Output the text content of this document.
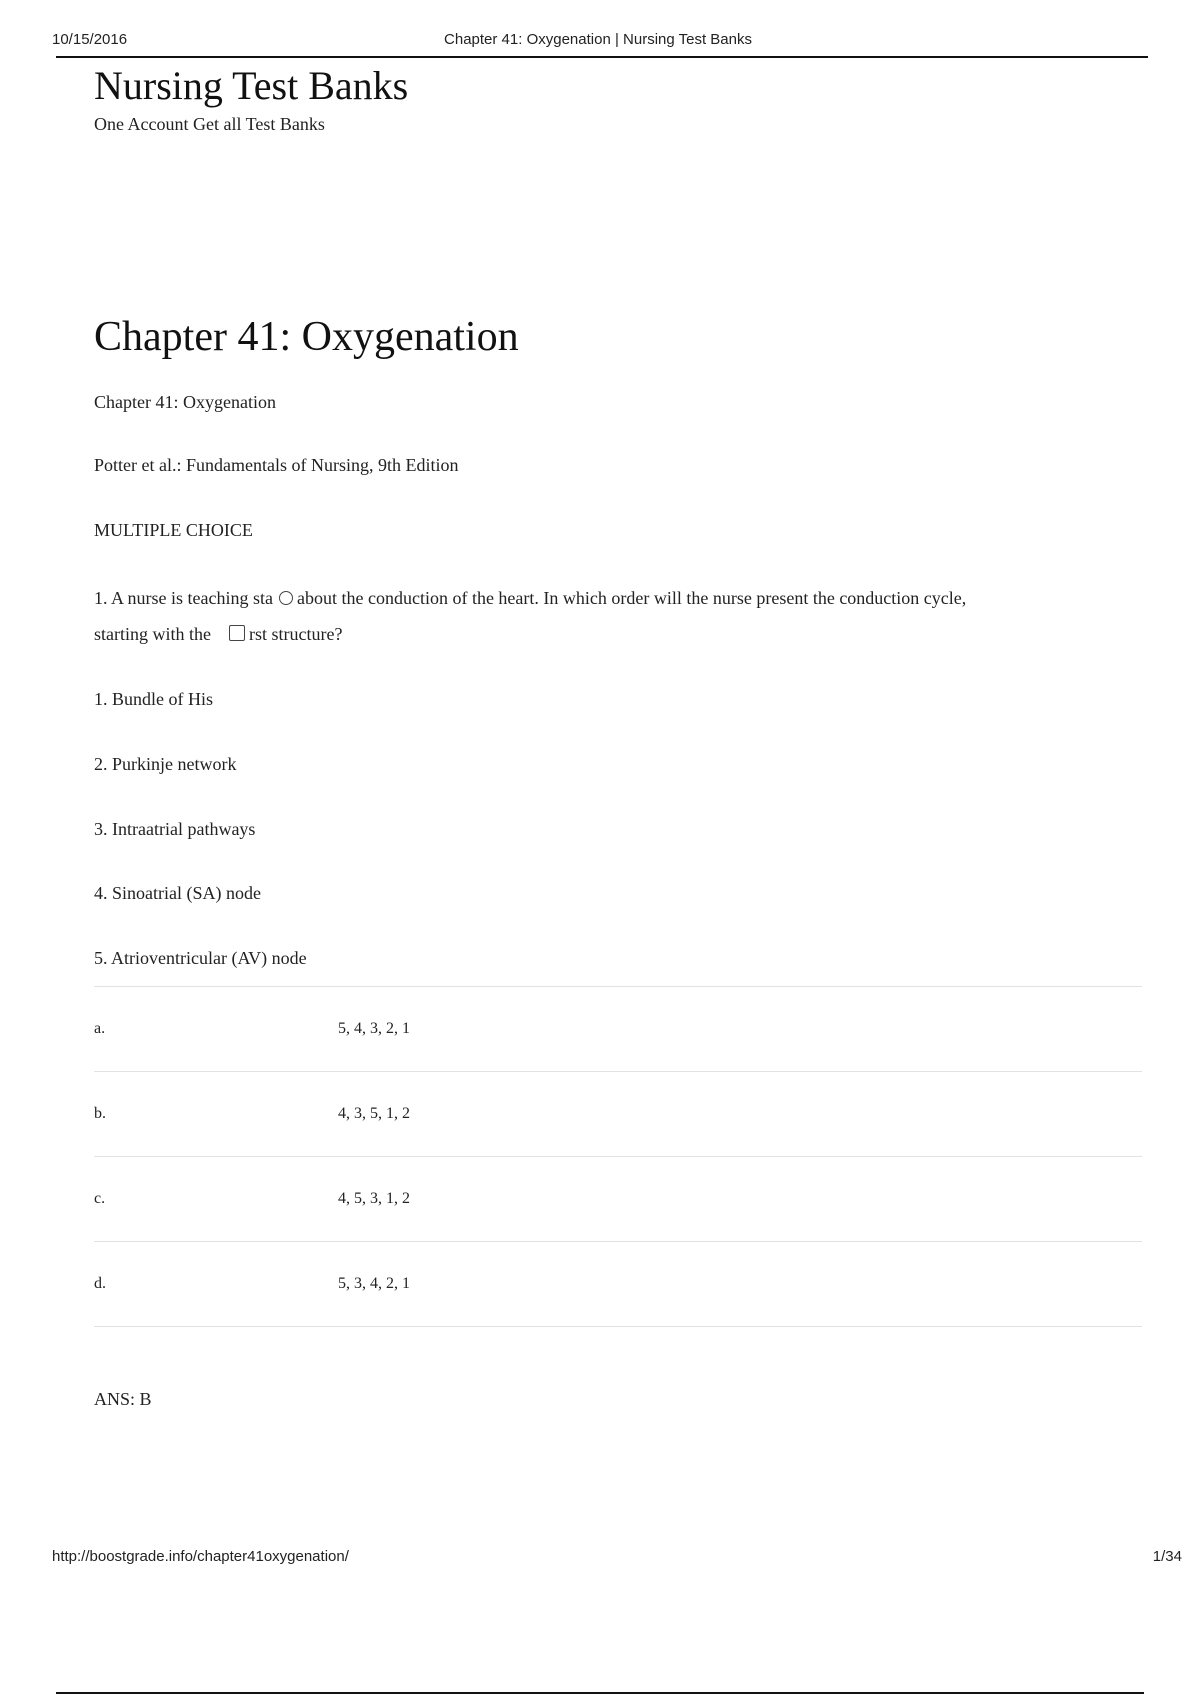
10/15/2016	Chapter 41: Oxygenation | Nursing Test Banks
Nursing Test Banks
One Account Get all Test Banks
Chapter 41: Oxygenation

Chapter 41: Oxygenation

Potter et al.: Fundamentals of Nursing, 9th Edition

MULTIPLE CHOICE

1. A nurse is teaching sta about the conduction of the heart. In which order will the nurse present the conduction cycle,
starting with the rst structure?

1. Bundle of His

2. Purkinje network

3. Intraatrial pathways

4. Sinoatrial (SA) node

5. Atrioventricular (AV) node

a.	5, 4, 3, 2, 1
b.	4, 3, 5, 1, 2
c.	4, 5, 3, 1, 2
d.	5, 3, 4, 2, 1

ANS: B

http://boostgrade.info/chapter41oxygenation/	1/34
